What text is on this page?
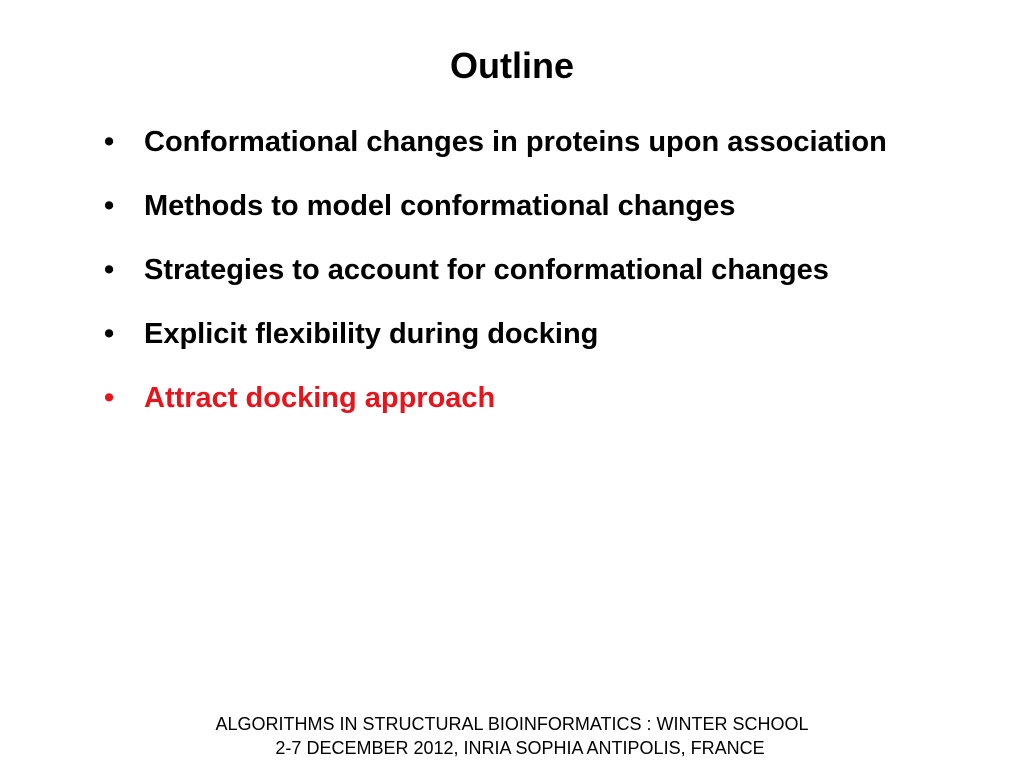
Outline
•	Conformational changes in proteins upon association
•	Methods to model conformational changes
•	Strategies to account for conformational changes
•	Explicit flexibility during docking
•	Attract docking approach
ALGORITHMS IN STRUCTURAL BIOINFORMATICS : WINTER SCHOOL
2-7 DECEMBER 2012, INRIA SOPHIA ANTIPOLIS, FRANCE
